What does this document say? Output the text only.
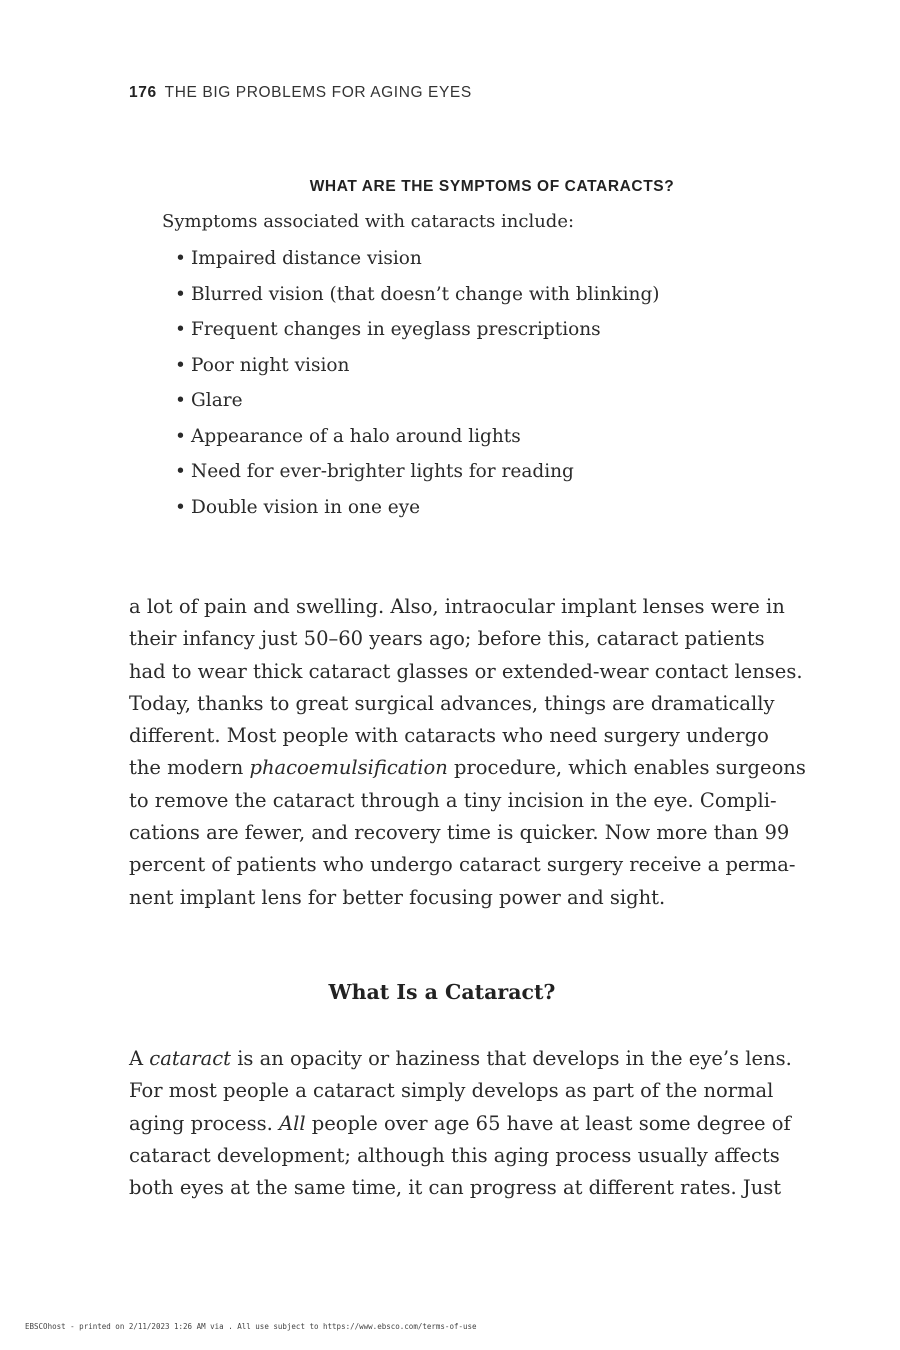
176 THE BIG PROBLEMS FOR AGING EYES
WHAT ARE THE SYMPTOMS OF CATARACTS?
Symptoms associated with cataracts include:
• Impaired distance vision
• Blurred vision (that doesn’t change with blinking)
• Frequent changes in eyeglass prescriptions
• Poor night vision
• Glare
• Appearance of a halo around lights
• Need for ever-brighter lights for reading
• Double vision in one eye
a lot of pain and swelling. Also, intraocular implant lenses were in
their infancy just 50–60 years ago; before this, cataract patients
had to wear thick cataract glasses or extended-wear contact lenses.
Today, thanks to great surgical advances, things are dramatically
different. Most people with cataracts who need surgery undergo
the modern phacoemulsification procedure, which enables surgeons
to remove the cataract through a tiny incision in the eye. Compli-
cations are fewer, and recovery time is quicker. Now more than 99
percent of patients who undergo cataract surgery receive a perma-
nent implant lens for better focusing power and sight.
What Is a Cataract?
A cataract is an opacity or haziness that develops in the eye’s lens.
For most people a cataract simply develops as part of the normal
aging process. All people over age 65 have at least some degree of
cataract development; although this aging process usually affects
both eyes at the same time, it can progress at different rates. Just
EBSCOhost - printed on 2/11/2023 1:26 AM via . All use subject to https://www.ebsco.com/terms-of-use
